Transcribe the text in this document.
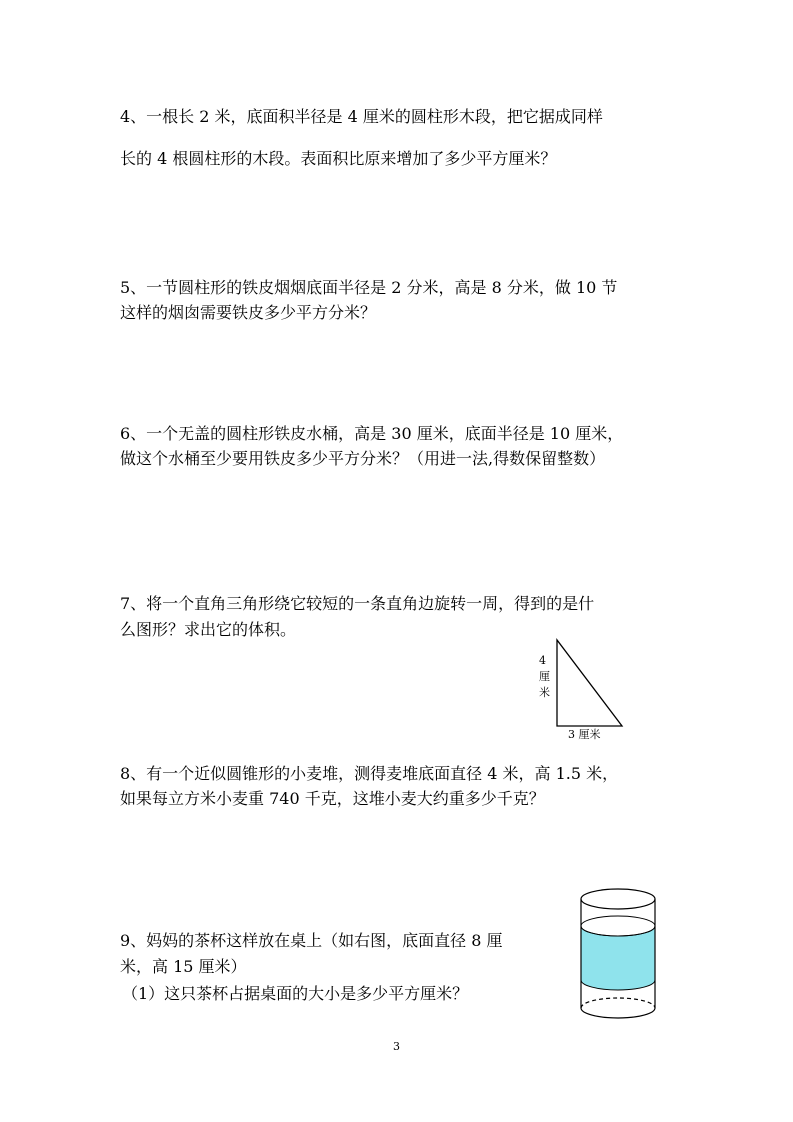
4、一根长 2 米，底面积半径是 4 厘米的圆柱形木段，把它据成同样
长的 4 根圆柱形的木段。表面积比原来增加了多少平方厘米？
5、一节圆柱形的铁皮烟烟底面半径是 2 分米，高是 8 分米，做 10 节
这样的烟囱需要铁皮多少平方分米？
6、一个无盖的圆柱形铁皮水桶，高是 30 厘米，底面半径是 10 厘米，
做这个水桶至少要用铁皮多少平方分米？（用进一法,得数保留整数）
7、将一个直角三角形绕它较短的一条直角边旋转一周，得到的是什
么图形？求出它的体积。
4
厘
米
3 厘米
8、有一个近似圆锥形的小麦堆，测得麦堆底面直径 4 米，高 1.5 米，
如果每立方米小麦重 740 千克，这堆小麦大约重多少千克？
9、妈妈的茶杯这样放在桌上（如右图，底面直径 8 厘
米，高 15 厘米）
（1）这只茶杯占据桌面的大小是多少平方厘米？
3
